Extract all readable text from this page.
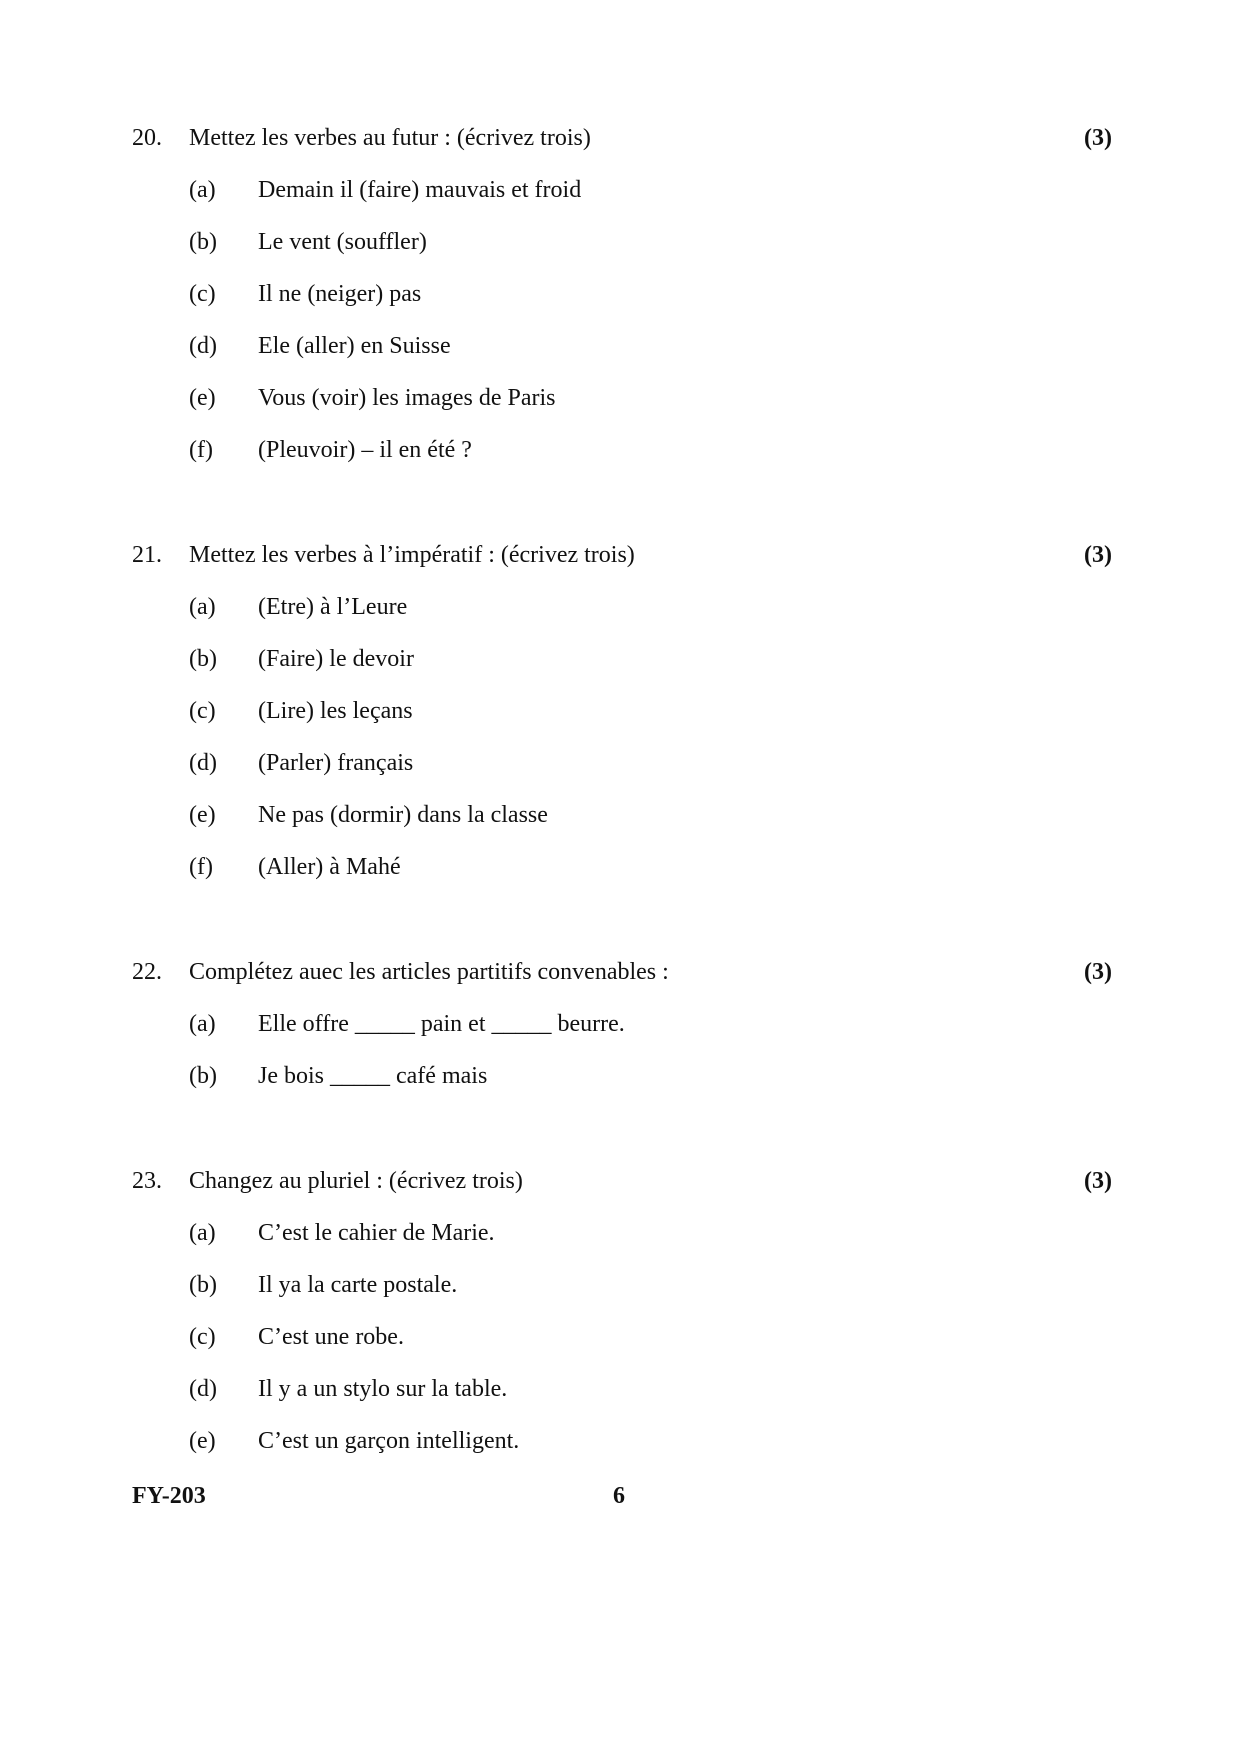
20. Mettez les verbes au futur : (écrivez trois)	(3)
(a) Demain il (faire) mauvais et froid
(b) Le vent (souffler)
(c) Il ne (neiger) pas
(d) Ele (aller) en Suisse
(e) Vous (voir) les images de Paris
(f) (Pleuvoir) – il en été ?
21. Mettez les verbes à l’impératif : (écrivez trois)	(3)
(a) (Etre) à l’Leure
(b) (Faire) le devoir
(c) (Lire) les leçans
(d) (Parler) français
(e) Ne pas (dormir) dans la classe
(f) (Aller) à Mahé
22. Complétez auec les articles partitifs convenables :	(3)
(a) Elle offre _____ pain et _____ beurre.
(b) Je bois _____ café mais
23. Changez au pluriel : (écrivez trois)	(3)
(a) C’est le cahier de Marie.
(b) Il ya la carte postale.
(c) C’est une robe.
(d) Il y a un stylo sur la table.
(e) C’est un garçon intelligent.
FY-203	6
